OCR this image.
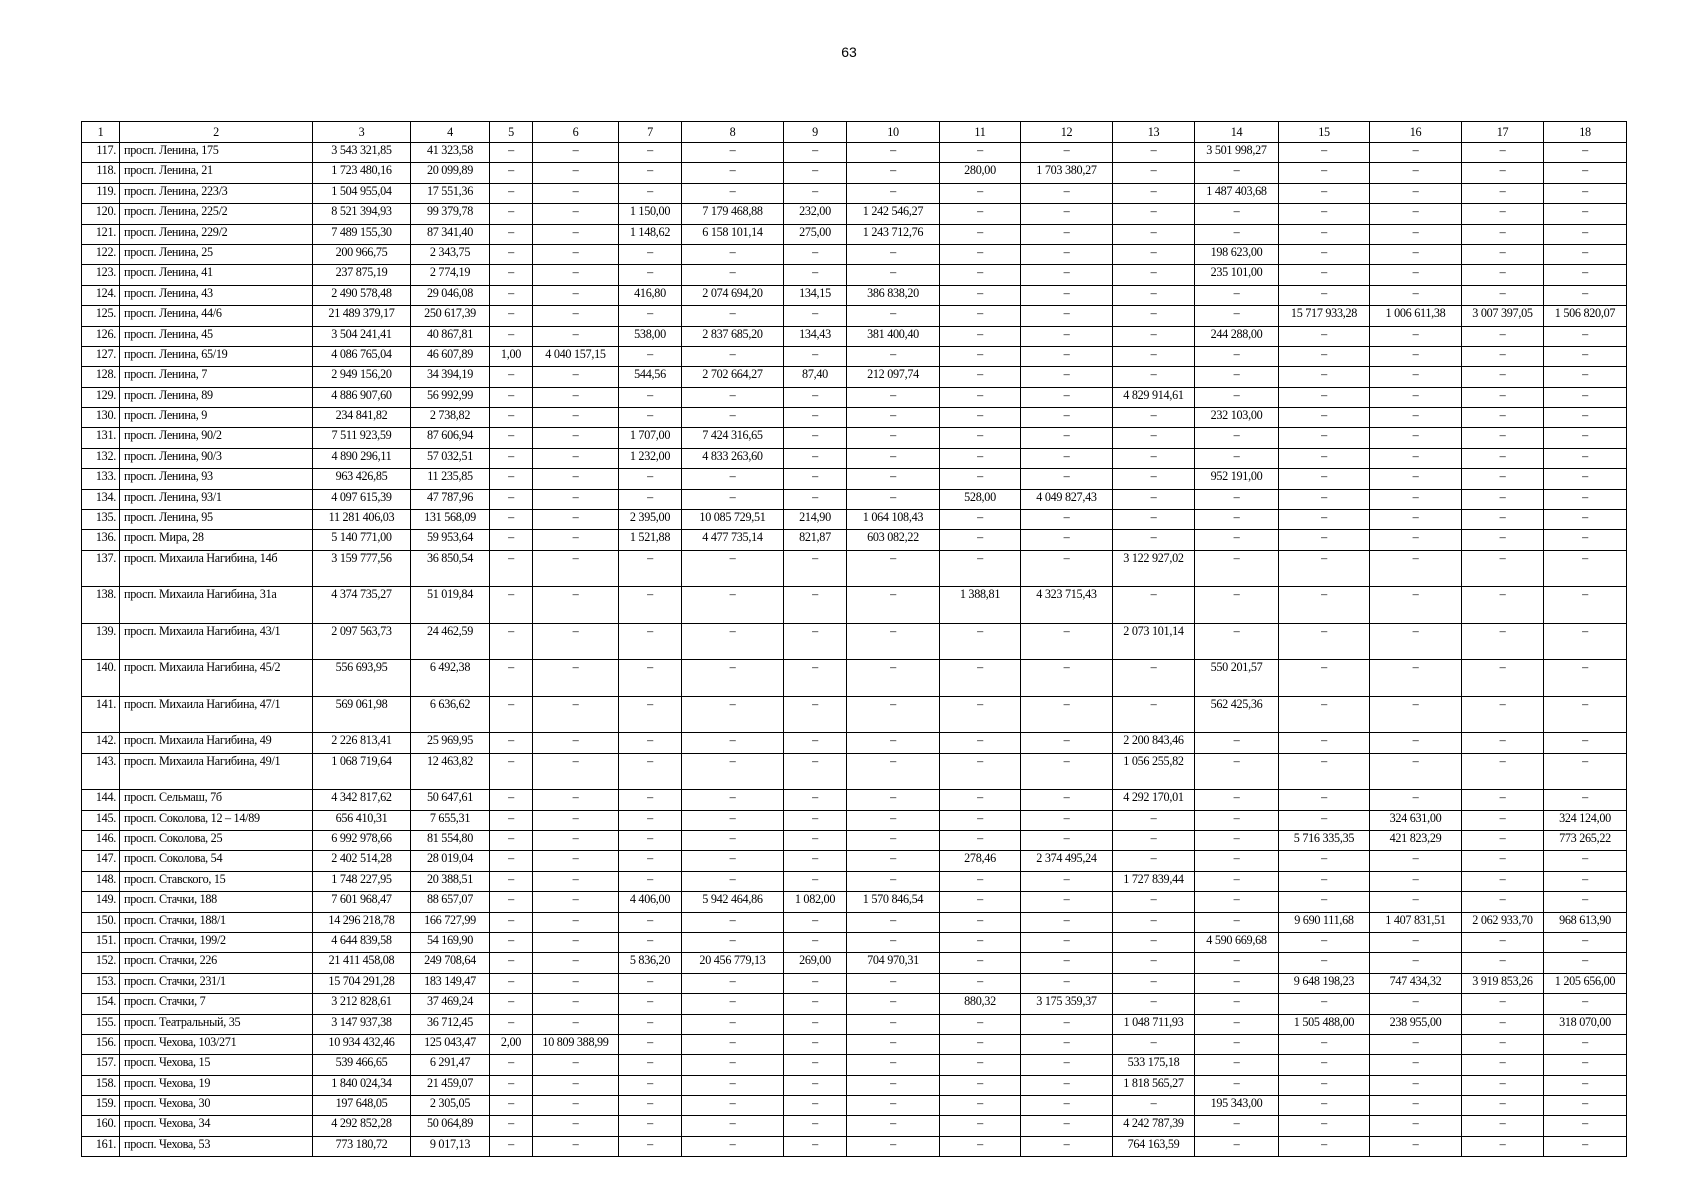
63
1	2	3	4	5	6	7	8	9	10	11	12	13	14	15	16	17	18
117.	просп. Ленина, 175	3 543 321,85	41 323,58	–	–	–	–	–	–	–	–	–	3 501 998,27	–	–	–	–
118.	просп. Ленина, 21	1 723 480,16	20 099,89	–	–	–	–	–	–	280,00	1 703 380,27	–	–	–	–	–	–
119.	просп. Ленина, 223/3	1 504 955,04	17 551,36	–	–	–	–	–	–	–	–	–	1 487 403,68	–	–	–	–
120.	просп. Ленина, 225/2	8 521 394,93	99 379,78	–	–	1 150,00	7 179 468,88	232,00	1 242 546,27	–	–	–	–	–	–	–	–
121.	просп. Ленина, 229/2	7 489 155,30	87 341,40	–	–	1 148,62	6 158 101,14	275,00	1 243 712,76	–	–	–	–	–	–	–	–
122.	просп. Ленина, 25	200 966,75	2 343,75	–	–	–	–	–	–	–	–	–	198 623,00	–	–	–	–
123.	просп. Ленина, 41	237 875,19	2 774,19	–	–	–	–	–	–	–	–	–	235 101,00	–	–	–	–
124.	просп. Ленина, 43	2 490 578,48	29 046,08	–	–	416,80	2 074 694,20	134,15	386 838,20	–	–	–	–	–	–	–	–
125.	просп. Ленина, 44/6	21 489 379,17	250 617,39	–	–	–	–	–	–	–	–	–	–	15 717 933,28	1 006 611,38	3 007 397,05	1 506 820,07
126.	просп. Ленина, 45	3 504 241,41	40 867,81	–	–	538,00	2 837 685,20	134,43	381 400,40	–	–	–	244 288,00	–	–	–	–
127.	просп. Ленина, 65/19	4 086 765,04	46 607,89	1,00	4 040 157,15	–	–	–	–	–	–	–	–	–	–	–	–
128.	просп. Ленина, 7	2 949 156,20	34 394,19	–	–	544,56	2 702 664,27	87,40	212 097,74	–	–	–	–	–	–	–	–
129.	просп. Ленина, 89	4 886 907,60	56 992,99	–	–	–	–	–	–	–	–	4 829 914,61	–	–	–	–	–
130.	просп. Ленина, 9	234 841,82	2 738,82	–	–	–	–	–	–	–	–	–	232 103,00	–	–	–	–
131.	просп. Ленина, 90/2	7 511 923,59	87 606,94	–	–	1 707,00	7 424 316,65	–	–	–	–	–	–	–	–	–	–
132.	просп. Ленина, 90/3	4 890 296,11	57 032,51	–	–	1 232,00	4 833 263,60	–	–	–	–	–	–	–	–	–	–
133.	просп. Ленина, 93	963 426,85	11 235,85	–	–	–	–	–	–	–	–	–	952 191,00	–	–	–	–
134.	просп. Ленина, 93/1	4 097 615,39	47 787,96	–	–	–	–	–	–	528,00	4 049 827,43	–	–	–	–	–	–
135.	просп. Ленина, 95	11 281 406,03	131 568,09	–	–	2 395,00	10 085 729,51	214,90	1 064 108,43	–	–	–	–	–	–	–	–
136.	просп. Мира, 28	5 140 771,00	59 953,64	–	–	1 521,88	4 477 735,14	821,87	603 082,22	–	–	–	–	–	–	–	–
137.	просп. Михаила Нагибина, 14б	3 159 777,56	36 850,54	–	–	–	–	–	–	–	–	3 122 927,02	–	–	–	–	–
138.	просп. Михаила Нагибина, 31а	4 374 735,27	51 019,84	–	–	–	–	–	–	1 388,81	4 323 715,43	–	–	–	–	–	–
139.	просп. Михаила Нагибина, 43/1	2 097 563,73	24 462,59	–	–	–	–	–	–	–	–	2 073 101,14	–	–	–	–	–
140.	просп. Михаила Нагибина, 45/2	556 693,95	6 492,38	–	–	–	–	–	–	–	–	–	550 201,57	–	–	–	–
141.	просп. Михаила Нагибина, 47/1	569 061,98	6 636,62	–	–	–	–	–	–	–	–	–	562 425,36	–	–	–	–
142.	просп. Михаила Нагибина, 49	2 226 813,41	25 969,95	–	–	–	–	–	–	–	–	2 200 843,46	–	–	–	–	–
143.	просп. Михаила Нагибина, 49/1	1 068 719,64	12 463,82	–	–	–	–	–	–	–	–	1 056 255,82	–	–	–	–	–
144.	просп. Сельмаш, 7б	4 342 817,62	50 647,61	–	–	–	–	–	–	–	–	4 292 170,01	–	–	–	–	–
145.	просп. Соколова, 12 – 14/89	656 410,31	7 655,31	–	–	–	–	–	–	–	–	–	–	–	324 631,00	–	324 124,00
146.	просп. Соколова, 25	6 992 978,66	81 554,80	–	–	–	–	–	–	–	–	–	–	5 716 335,35	421 823,29	–	773 265,22
147.	просп. Соколова, 54	2 402 514,28	28 019,04	–	–	–	–	–	–	278,46	2 374 495,24	–	–	–	–	–	–
148.	просп. Ставского, 15	1 748 227,95	20 388,51	–	–	–	–	–	–	–	–	1 727 839,44	–	–	–	–	–
149.	просп. Стачки, 188	7 601 968,47	88 657,07	–	–	4 406,00	5 942 464,86	1 082,00	1 570 846,54	–	–	–	–	–	–	–	–
150.	просп. Стачки, 188/1	14 296 218,78	166 727,99	–	–	–	–	–	–	–	–	–	–	9 690 111,68	1 407 831,51	2 062 933,70	968 613,90
151.	просп. Стачки, 199/2	4 644 839,58	54 169,90	–	–	–	–	–	–	–	–	–	4 590 669,68	–	–	–	–
152.	просп. Стачки, 226	21 411 458,08	249 708,64	–	–	5 836,20	20 456 779,13	269,00	704 970,31	–	–	–	–	–	–	–	–
153.	просп. Стачки, 231/1	15 704 291,28	183 149,47	–	–	–	–	–	–	–	–	–	–	9 648 198,23	747 434,32	3 919 853,26	1 205 656,00
154.	просп. Стачки, 7	3 212 828,61	37 469,24	–	–	–	–	–	–	880,32	3 175 359,37	–	–	–	–	–	–
155.	просп. Театральный, 35	3 147 937,38	36 712,45	–	–	–	–	–	–	–	–	1 048 711,93	–	1 505 488,00	238 955,00	–	318 070,00
156.	просп. Чехова, 103/271	10 934 432,46	125 043,47	2,00	10 809 388,99	–	–	–	–	–	–	–	–	–	–	–	–
157.	просп. Чехова, 15	539 466,65	6 291,47	–	–	–	–	–	–	–	–	533 175,18	–	–	–	–	–
158.	просп. Чехова, 19	1 840 024,34	21 459,07	–	–	–	–	–	–	–	–	1 818 565,27	–	–	–	–	–
159.	просп. Чехова, 30	197 648,05	2 305,05	–	–	–	–	–	–	–	–	–	195 343,00	–	–	–	–
160.	просп. Чехова, 34	4 292 852,28	50 064,89	–	–	–	–	–	–	–	–	4 242 787,39	–	–	–	–	–
161.	просп. Чехова, 53	773 180,72	9 017,13	–	–	–	–	–	–	–	–	764 163,59	–	–	–	–	–
